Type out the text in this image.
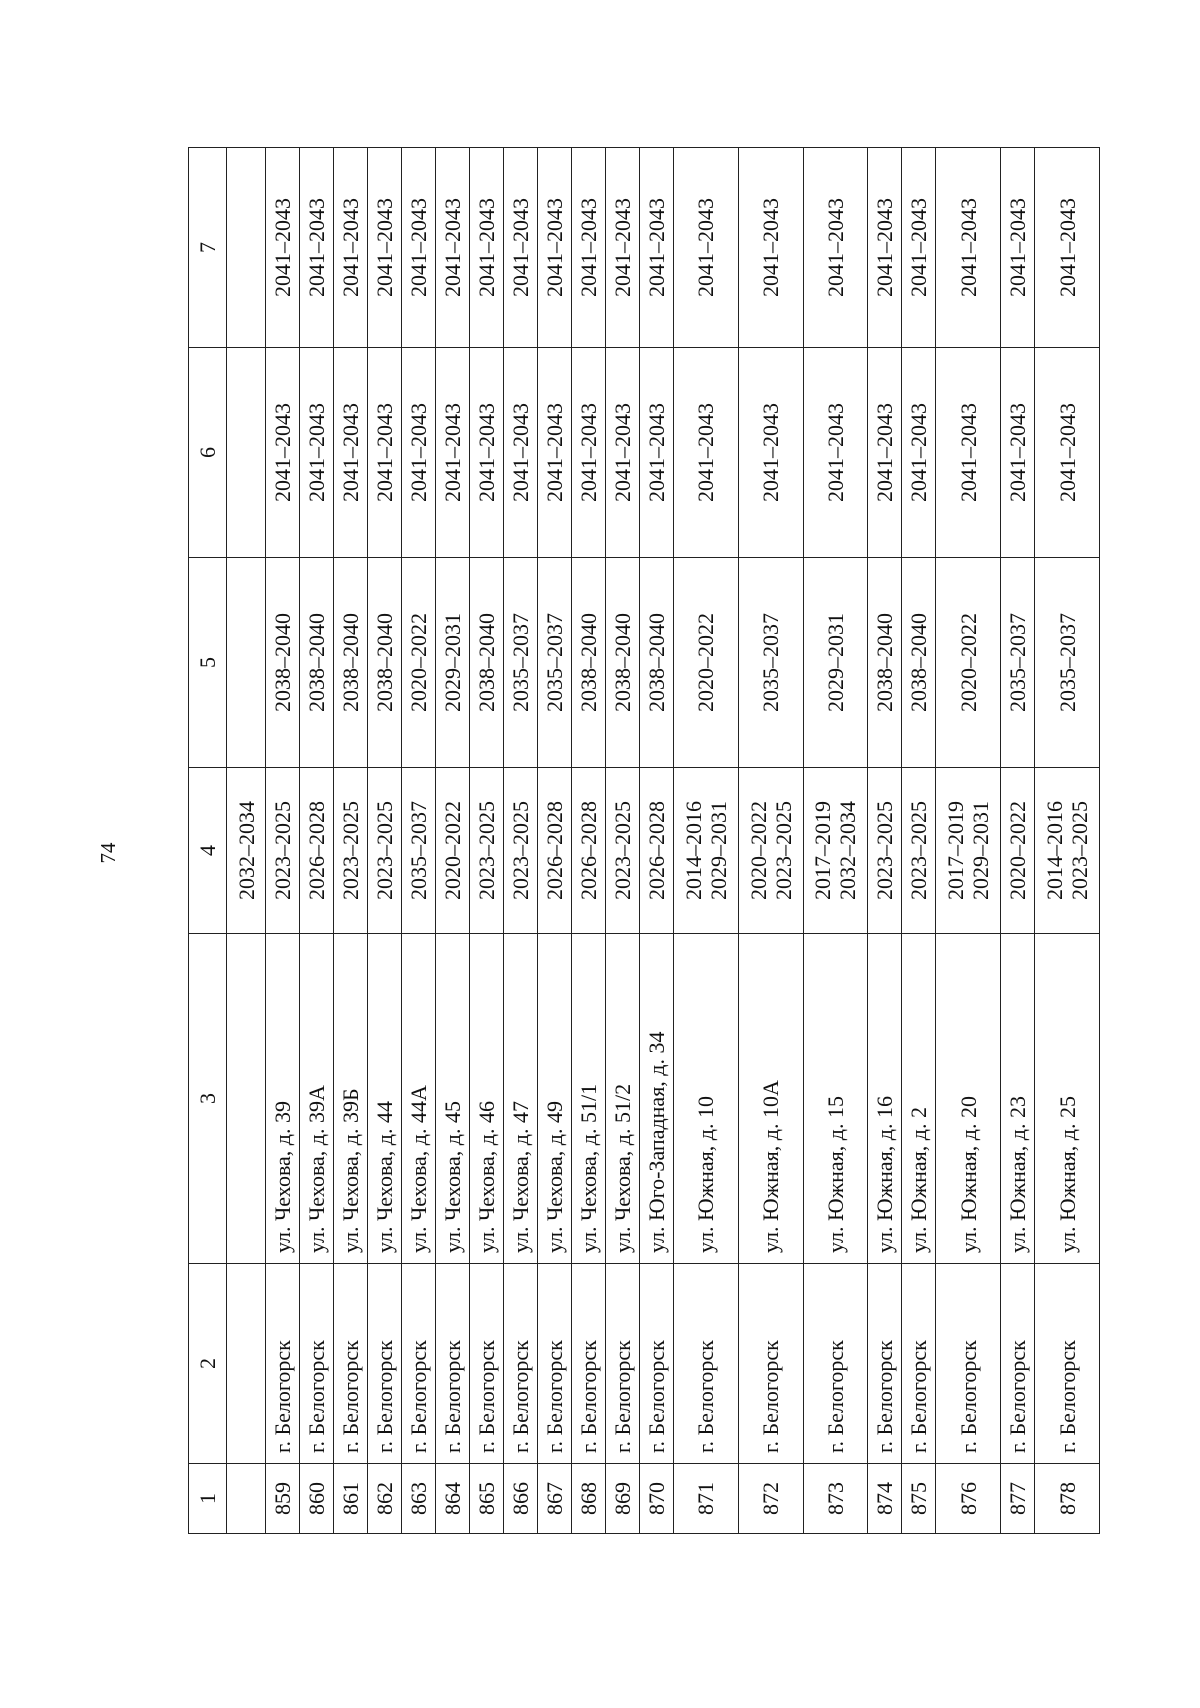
74
1	2	3	4	5	6	7
			2032–2034			
859	г. Белогорск	ул. Чехова, д. 39	2023–2025	2038–2040	2041–2043	2041–2043
860	г. Белогорск	ул. Чехова, д. 39А	2026–2028	2038–2040	2041–2043	2041–2043
861	г. Белогорск	ул. Чехова, д. 39Б	2023–2025	2038–2040	2041–2043	2041–2043
862	г. Белогорск	ул. Чехова, д. 44	2023–2025	2038–2040	2041–2043	2041–2043
863	г. Белогорск	ул. Чехова, д. 44А	2035–2037	2020–2022	2041–2043	2041–2043
864	г. Белогорск	ул. Чехова, д. 45	2020–2022	2029–2031	2041–2043	2041–2043
865	г. Белогорск	ул. Чехова, д. 46	2023–2025	2038–2040	2041–2043	2041–2043
866	г. Белогорск	ул. Чехова, д. 47	2023–2025	2035–2037	2041–2043	2041–2043
867	г. Белогорск	ул. Чехова, д. 49	2026–2028	2035–2037	2041–2043	2041–2043
868	г. Белогорск	ул. Чехова, д. 51/1	2026–2028	2038–2040	2041–2043	2041–2043
869	г. Белогорск	ул. Чехова, д. 51/2	2023–2025	2038–2040	2041–2043	2041–2043
870	г. Белогорск	ул. Юго-Западная, д. 34	2026–2028	2038–2040	2041–2043	2041–2043
871	г. Белогорск	ул. Южная, д. 10	2014–2016 2029–2031	2020–2022	2041–2043	2041–2043
872	г. Белогорск	ул. Южная, д. 10А	2020–2022 2023–2025	2035–2037	2041–2043	2041–2043
873	г. Белогорск	ул. Южная, д. 15	2017–2019 2032–2034	2029–2031	2041–2043	2041–2043
874	г. Белогорск	ул. Южная, д. 16	2023–2025	2038–2040	2041–2043	2041–2043
875	г. Белогорск	ул. Южная, д. 2	2023–2025	2038–2040	2041–2043	2041–2043
876	г. Белогорск	ул. Южная, д. 20	2017–2019 2029–2031	2020–2022	2041–2043	2041–2043
877	г. Белогорск	ул. Южная, д. 23	2020–2022	2035–2037	2041–2043	2041–2043
878	г. Белогорск	ул. Южная, д. 25	2014–2016 2023–2025	2035–2037	2041–2043	2041–2043
